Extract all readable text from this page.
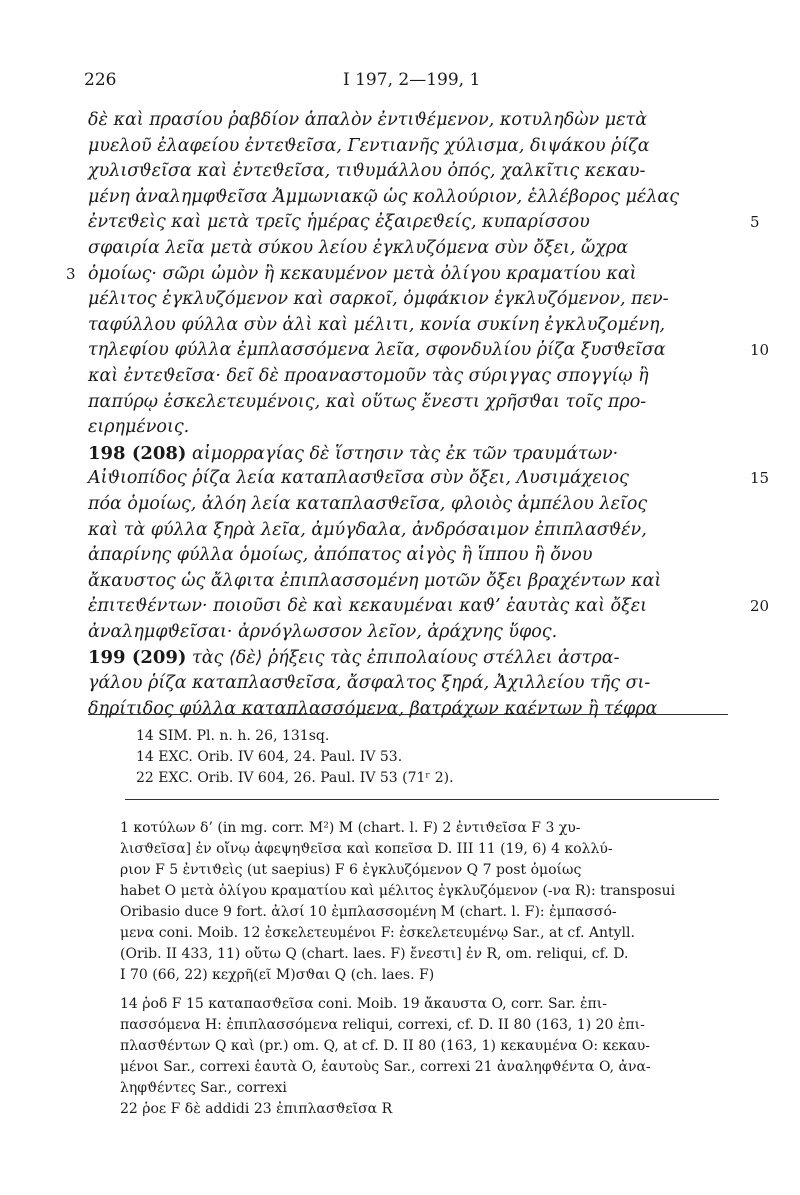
226	I 197, 2—199, 1
δὲ καὶ πρασίου ῥαβδίον ἁπαλὸν ἐντιϑέμενον, κοτυληδὼν μετὰ
μυελοῦ ἐλαφείου ἐντεϑεῖσα, Γεντιανῆς χύλισμα, διψάκου ῥίζα
χυλισϑεῖσα καὶ ἐντεϑεῖσα, τιϑυμάλλου ὀπός, χαλκῖτις κεκαυ-
μένη ἀναλημφϑεῖσα Ἀμμωνιακῷ ὡς κολλούριον, ἑλλέβορος μέλας
ἐντεϑεὶς καὶ μετὰ τρεῖς ἡμέρας ἐξαιρεϑείς, κυπαρίσσου	5
σφαιρία λεῖα μετὰ σύκου λείου ἐγκλυζόμενα σὺν ὄξει, ὤχρα
ὁμοίως· σῶρι ὠμὸν ἢ κεκαυμένον μετὰ ὀλίγου κραματίου καὶ
3
μέλιτος ἐγκλυζόμενον καὶ σαρκοῖ, ὀμφάκιον ἐγκλυζόμενον, πεν-
ταφύλλου φύλλα σὺν ἁλὶ καὶ μέλιτι, κονία συκίνη ἐγκλυζομένη,
τηλεφίου φύλλα ἐμπλασσόμενα λεῖα, σφονδυλίου ῥίζα ξυσϑεῖσα	10
καὶ ἐντεϑεῖσα· δεῖ δὲ προαναστομοῦν τὰς σύριγγας σπογγίῳ ἢ
παπύρῳ ἐσκελετευμένοις, καὶ οὕτως ἔνεστι χρῆσϑαι τοῖς προ-
ειρημένοις.
198 (208) αἱμορραγίας δὲ ἵστησιν τὰς ἐκ τῶν τραυμάτων·
Αἰϑιοπίδος ῥίζα λεία καταπλασϑεῖσα σὺν ὄξει, Λυσιμάχειος	15
πόα ὁμοίως, ἀλόη λεία καταπλασϑεῖσα, φλοιὸς ἀμπέλου λεῖος
καὶ τὰ φύλλα ξηρὰ λεῖα, ἀμύγδαλα, ἀνδρόσαιμον ἐπιπλασϑέν,
ἀπαρίνης φύλλα ὁμοίως, ἀπόπατος αἰγὸς ἢ ἵππου ἢ ὄνου
ἄκαυστος ὡς ἄλφιτα ἐπιπλασσομένη μοτῶν ὄξει βραχέντων καὶ
ἐπιτεϑέντων· ποιοῦσι δὲ καὶ κεκαυμέναι καϑ’ ἑαυτὰς καὶ ὄξει	20
ἀναλημφϑεῖσαι· ἀρνόγλωσσον λεῖον, ἀράχνης ὕφος.
199 (209) τὰς ⟨δὲ⟩ ῥήξεις τὰς ἐπιπολαίους στέλλει ἀστρα-
γάλου ῥίζα καταπλασϑεῖσα, ἄσφαλτος ξηρά, Ἀχιλλείου τῆς σι-
δηρίτιδος φύλλα καταπλασσόμενα, βατράχων καέντων ἢ τέφρα
14 SIM. Pl. n. h. 26, 131sq.
14 EXC. Orib. IV 604, 24. Paul. IV 53.
22 EXC. Orib. IV 604, 26. Paul. IV 53 (71ʳ 2).
1 κοτύλων δ’ (in mg. corr. M²) M (chart. l. F) 2 ἐντιϑεῖσα F 3 χυ-
λισϑεῖσα] ἐν οἴνῳ ἀφεψηϑεῖσα καὶ κοπεῖσα D. III 11 (19, 6) 4 κολλύ-
ριον F 5 ἐντιϑεὶς (ut saepius) F 6 ἐγκλυζόμενον Q 7 post ὁμοίως
habet O μετὰ ὀλίγου κραματίου καὶ μέλιτος ἐγκλυζόμενον (-να R): transposui
Oribasio duce 9 fort. ἀλσί 10 ἐμπλασσομένη M (chart. l. F): ἐμπασσό-
μενα coni. Moib. 12 ἐσκελετευμένοι F: ἐσκελετευμένῳ Sar., at cf. Antyll.
(Orib. II 433, 11) οὔτω Q (chart. laes. F) ἔνεστι] ἐν R, om. reliqui, cf. D.
I 70 (66, 22) κεχρῆ(εῖ M)σϑαι Q (ch. laes. F)
14 ῥοδ F 15 καταπασϑεῖσα coni. Moib. 19 ἄκαυστα O, corr. Sar. ἐπι-
πασσόμενα H: ἐπιπλασσόμενα reliqui, correxi, cf. D. II 80 (163, 1) 20 ἐπι-
πλασϑέντων Q καὶ (pr.) om. Q, at cf. D. II 80 (163, 1) κεκαυμένα O: κεκαυ-
μένοι Sar., correxi ἑαυτὰ O, ἑαυτοὺς Sar., correxi 21 ἀναληφϑέντα O, ἀνα-
ληφϑέντες Sar., correxi
22 ῥοε F δὲ addidi 23 ἐπιπλασϑεῖσα R
